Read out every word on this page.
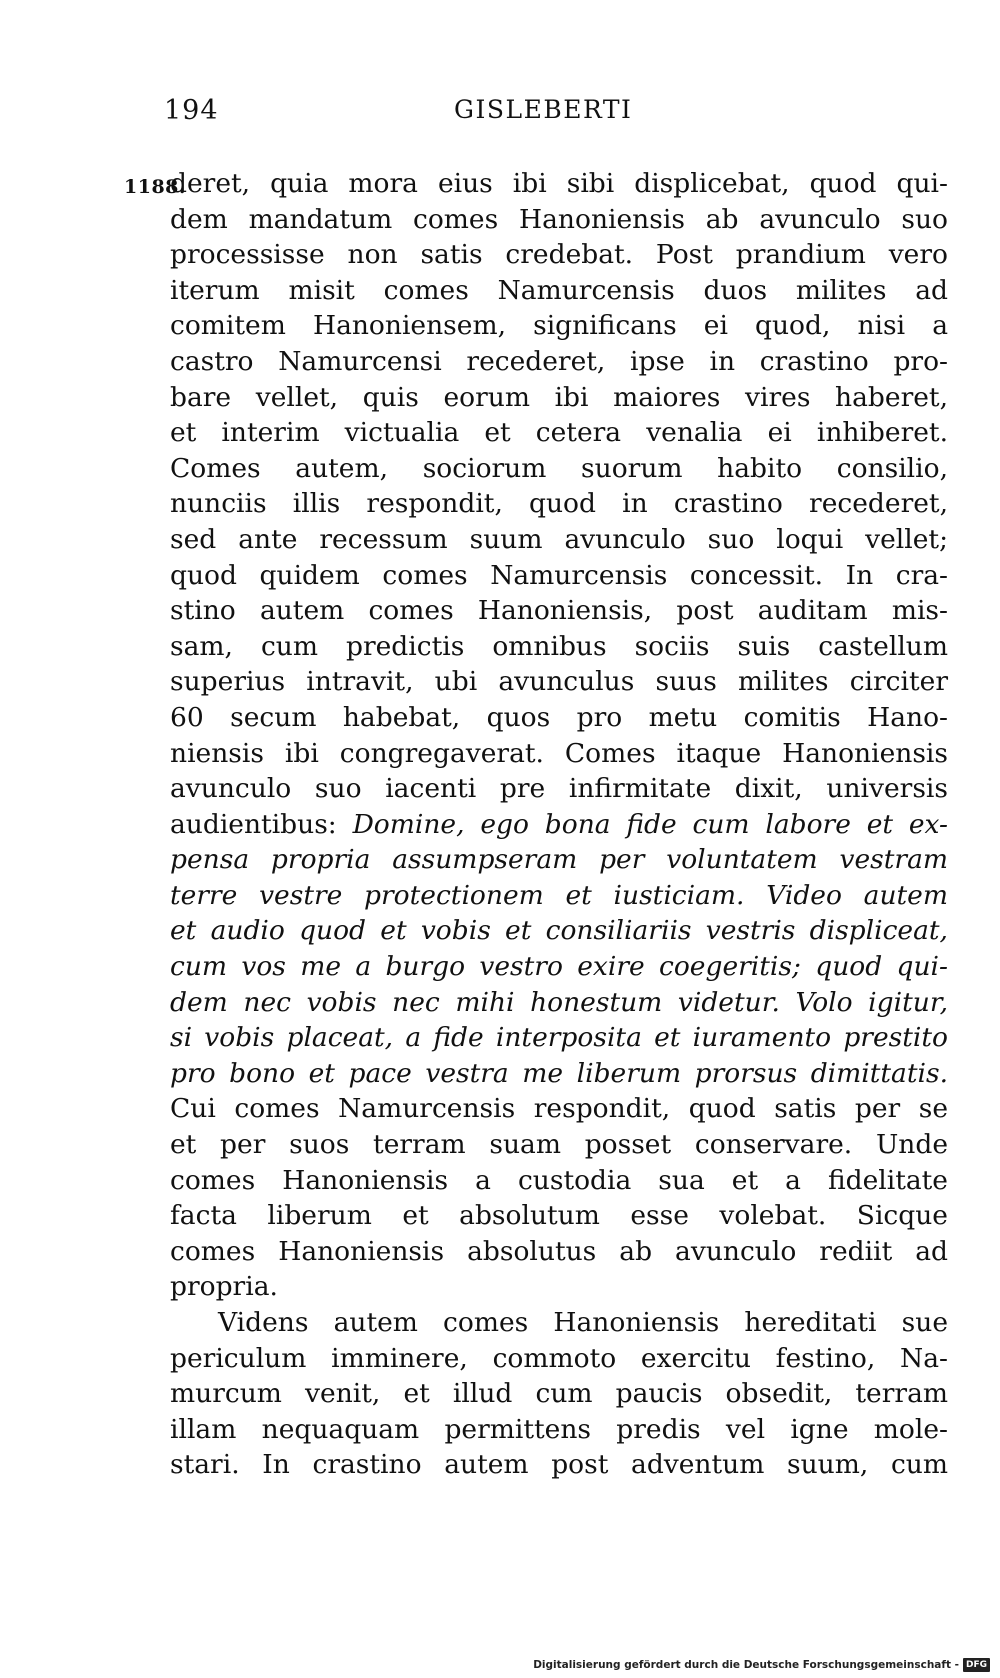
194	GISLEBERTI
1188.
deret, quia mora eius ibi sibi displicebat, quod qui-
dem mandatum comes Hanoniensis ab avunculo suo
processisse non satis credebat. Post prandium vero
iterum misit comes Namurcensis duos milites ad
comitem Hanoniensem, significans ei quod, nisi a
castro Namurcensi recederet, ipse in crastino pro-
bare vellet, quis eorum ibi maiores vires haberet,
et interim victualia et cetera venalia ei inhiberet.
Comes autem, sociorum suorum habito consilio,
nunciis illis respondit, quod in crastino recederet,
sed ante recessum suum avunculo suo loqui vellet;
quod quidem comes Namurcensis concessit. In cra-
stino autem comes Hanoniensis, post auditam mis-
sam, cum predictis omnibus sociis suis castellum
superius intravit, ubi avunculus suus milites circiter
60 secum habebat, quos pro metu comitis Hano-
niensis ibi congregaverat. Comes itaque Hanoniensis
avunculo suo iacenti pre infirmitate dixit, universis
audientibus: Domine, ego bona fide cum labore et ex-
pensa propria assumpseram per voluntatem vestram
terre vestre protectionem et iusticiam. Video autem
et audio quod et vobis et consiliariis vestris displiceat,
cum vos me a burgo vestro exire coegeritis; quod qui-
dem nec vobis nec mihi honestum videtur. Volo igitur,
si vobis placeat, a fide interposita et iuramento prestito
pro bono et pace vestra me liberum prorsus dimittatis.
Cui comes Namurcensis respondit, quod satis per se
et per suos terram suam posset conservare. Unde
comes Hanoniensis a custodia sua et a fidelitate
facta liberum et absolutum esse volebat. Sicque
comes Hanoniensis absolutus ab avunculo rediit ad
propria.
Videns autem comes Hanoniensis hereditati sue
periculum imminere, commoto exercitu festino, Na-
murcum venit, et illud cum paucis obsedit, terram
illam nequaquam permittens predis vel igne mole-
stari. In crastino autem post adventum suum, cum
Digitalisierung gefördert durch die Deutsche Forschungsgemeinschaft - DFG
